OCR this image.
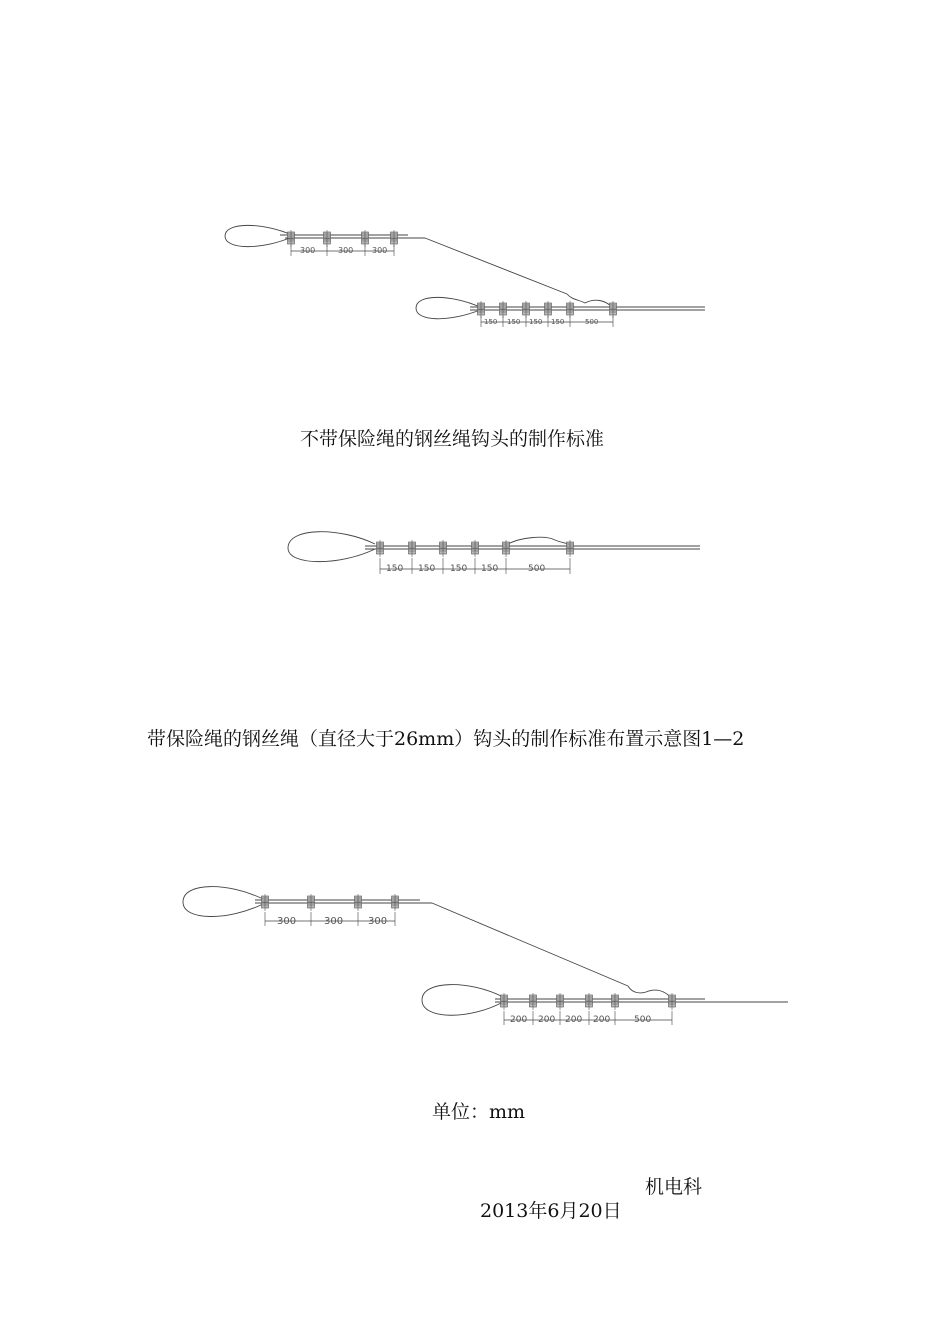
300	300 300
150 150 150 150	500
150 150 150 150	500
300	300 300
200 200 200 200	500
不带保险绳的钢丝绳钩头的制作标准
带保险绳的钢丝绳（直径大于26mm）钩头的制作标准布置示意图1—2
单位：mm
机电科
2013年6月20日
